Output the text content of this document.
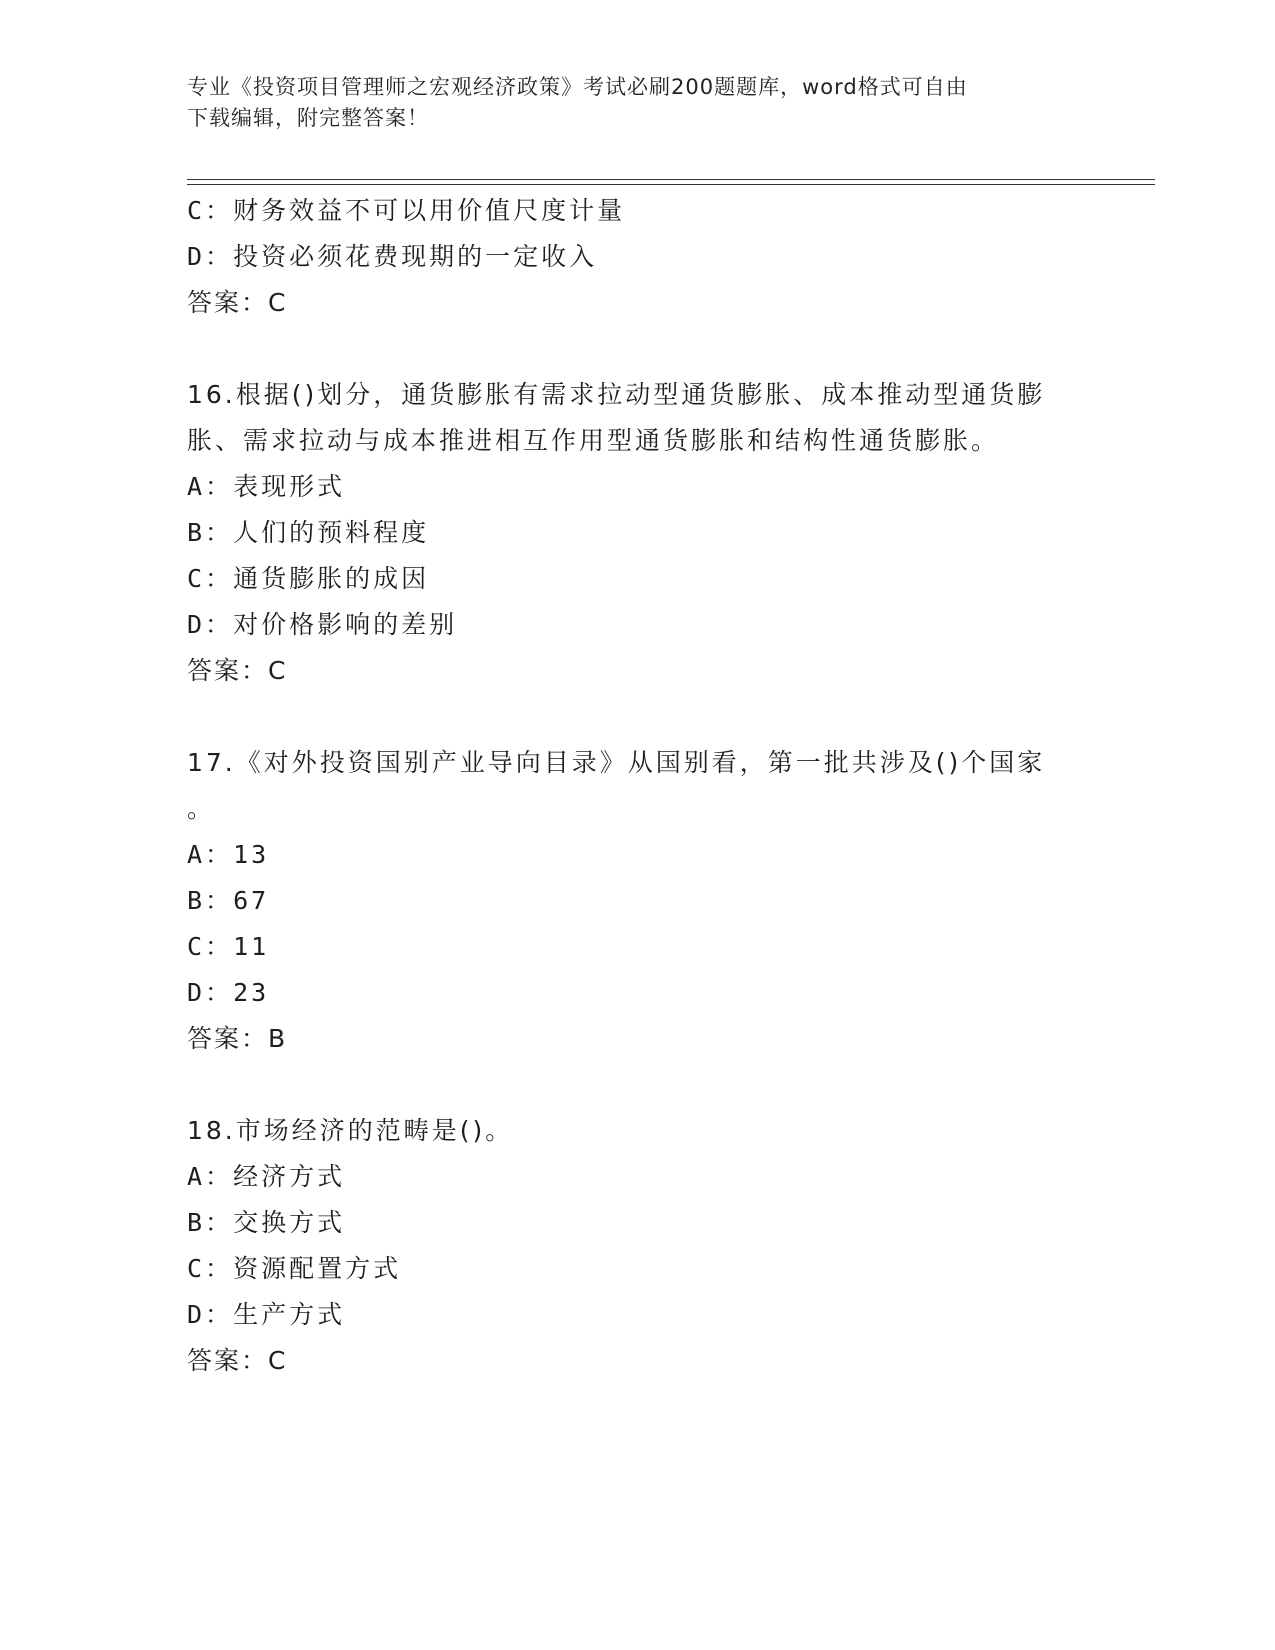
专业《投资项目管理师之宏观经济政策》考试必刷200题题库，word格式可自由
下载编辑，附完整答案！
C：财务效益不可以用价值尺度计量
D：投资必须花费现期的一定收入
答案：C
16.根据()划分，通货膨胀有需求拉动型通货膨胀、成本推动型通货膨
胀、需求拉动与成本推进相互作用型通货膨胀和结构性通货膨胀。
A：表现形式
B：人们的预料程度
C：通货膨胀的成因
D：对价格影响的差别
答案：C
17.《对外投资国别产业导向目录》从国别看，第一批共涉及()个国家
。
A：13
B：67
C：11
D：23
答案：B
18.市场经济的范畴是()。
A：经济方式
B：交换方式
C：资源配置方式
D：生产方式
答案：C
